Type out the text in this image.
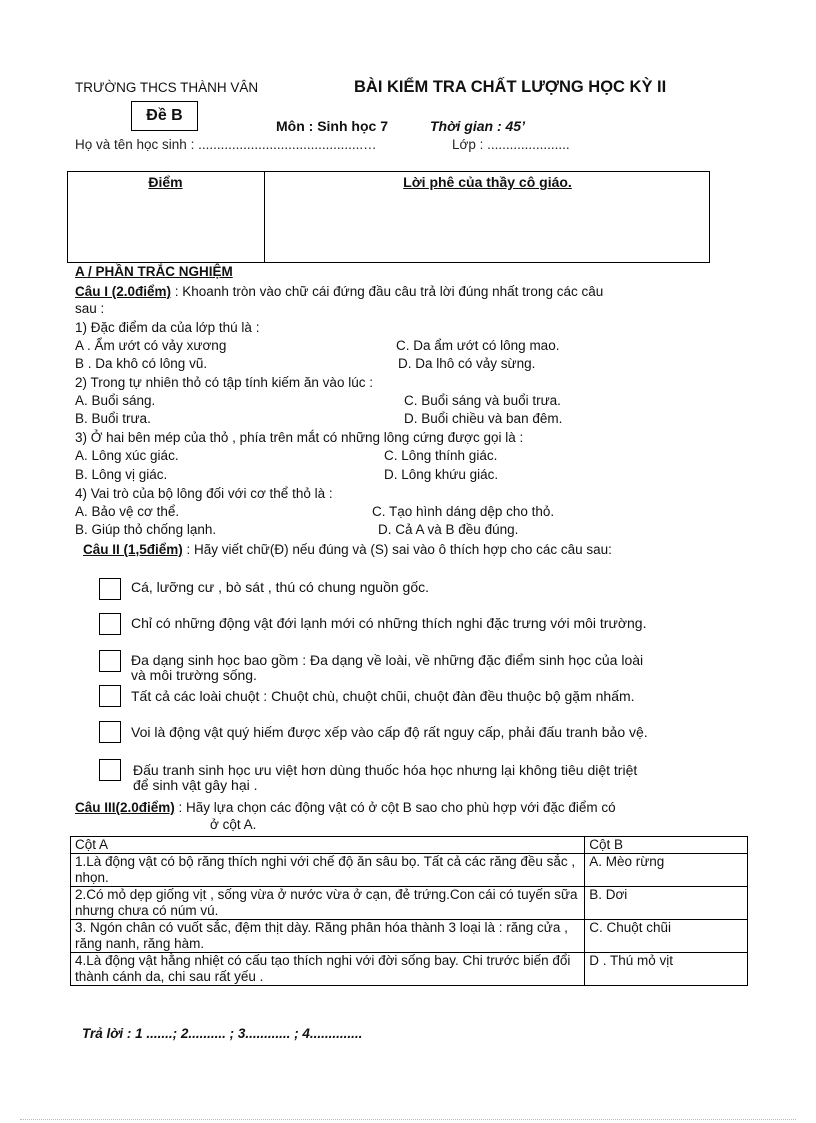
TRƯỜNG THCS THÀNH VÂN	BÀI KIỂM TRA CHẤT LƯỢNG HỌC KỲ II
Đề B
Môn : Sinh học 7	Thời gian : 45’
Họ và tên học sinh : ............................................…	Lớp : ......................
Điểm	Lời phê của thầy cô giáo.
A / PHẦN TRẮC NGHIỆM
Câu I (2.0điểm) : Khoanh tròn vào chữ cái đứng đầu câu trả lời đúng nhất trong các câu
sau :
1) Đặc điểm da của lớp thú là :
A . Ẩm ướt có vảy xương	C. Da ẩm ướt có lông mao.
B . Da khô có lông vũ.	D. Da lhô có vảy sừng.
2) Trong tự nhiên thỏ có tập tính kiếm ăn vào lúc :
A. Buổi sáng.	C. Buổi sáng và buổi trưa.
B. Buổi trưa.	D. Buổi chiều và ban đêm.
3) Ở hai bên mép của thỏ , phía trên mắt có những lông cứng được gọi là :
A. Lông xúc giác.	C. Lông thính giác.
B. Lông vị giác.	D. Lông khứu giác.
4) Vai trò của bộ lông đối với cơ thể thỏ là :
A. Bảo vệ cơ thể.	C. Tạo hình dáng dệp cho thỏ.
B. Giúp thỏ chống lạnh.	D. Cả A và B đều đúng.
Câu II (1,5điểm) : Hãy viết chữ(Đ) nếu đúng và (S) sai vào ô thích hợp cho các câu sau:
Cá, lưỡng cư , bò sát , thú có chung nguồn gốc.
Chỉ có những động vật đới lạnh mới có những thích nghi đặc trưng với môi trường.
Đa dạng sinh học bao gồm : Đa dạng về loài, về những đặc điểm sinh học của loài
và môi trường sống.
Tất cả các loài chuột : Chuột chù, chuột chũi, chuột đàn đều thuộc bộ gặm nhấm.
Voi là động vật quý hiếm được xếp vào cấp độ rất nguy cấp, phải đấu tranh bảo vệ.
Đấu tranh sinh học ưu việt hơn dùng thuốc hóa học nhưng lại không tiêu diệt triệt
để sinh vật gây hại .
Câu III(2.0điểm) : Hãy lựa chọn các động vật có ở cột B sao cho phù hợp với đặc điểm có
ở cột A.
Cột A	Cột B
1.Là động vật có bộ răng thích nghi với chế độ ăn sâu bọ. Tất cả các răng đều sắc , nhọn.	A. Mèo rừng
2.Có mỏ dẹp giống vịt , sống vừa ở nước vừa ở cạn, đẻ trứng.Con cái có tuyến sữa nhưng chưa có núm vú.	B. Dơi
3. Ngón chân có vuốt sắc, đệm thịt dày. Răng phân hóa thành 3 loại là : răng cửa , răng nanh, răng hàm.	C. Chuột chũi
4.Là động vật hằng nhiệt có cấu tạo thích nghi với đời sống bay. Chi trước biến đổi thành cánh da, chi sau rất yếu .	D . Thú mỏ vịt
Trả lời : 1 .......; 2.......... ; 3............ ; 4..............
